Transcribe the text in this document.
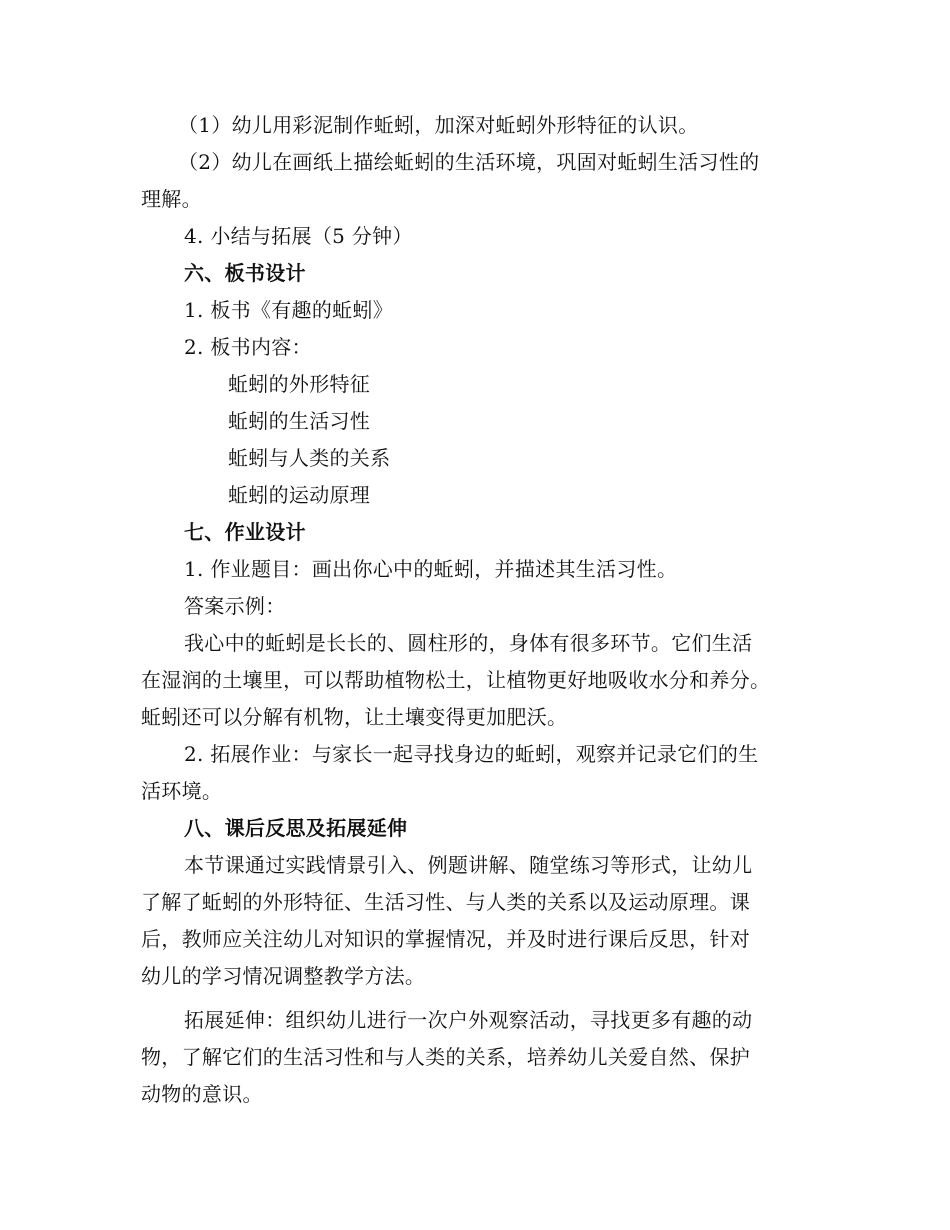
（1）幼儿用彩泥制作蚯蚓，加深对蚯蚓外形特征的认识。
（2）幼儿在画纸上描绘蚯蚓的生活环境，巩固对蚯蚓生活习性的
理解。
4. 小结与拓展（5 分钟）
六、板书设计
1. 板书《有趣的蚯蚓》
2. 板书内容：
蚯蚓的外形特征
蚯蚓的生活习性
蚯蚓与人类的关系
蚯蚓的运动原理
七、作业设计
1. 作业题目：画出你心中的蚯蚓，并描述其生活习性。
答案示例：
我心中的蚯蚓是长长的、圆柱形的，身体有很多环节。它们生活
在湿润的土壤里，可以帮助植物松土，让植物更好地吸收水分和养分。
蚯蚓还可以分解有机物，让土壤变得更加肥沃。
2. 拓展作业：与家长一起寻找身边的蚯蚓，观察并记录它们的生
活环境。
八、课后反思及拓展延伸
本节课通过实践情景引入、例题讲解、随堂练习等形式，让幼儿
了解了蚯蚓的外形特征、生活习性、与人类的关系以及运动原理。课
后，教师应关注幼儿对知识的掌握情况，并及时进行课后反思，针对
幼儿的学习情况调整教学方法。
拓展延伸：组织幼儿进行一次户外观察活动，寻找更多有趣的动
物，了解它们的生活习性和与人类的关系，培养幼儿关爱自然、保护
动物的意识。
